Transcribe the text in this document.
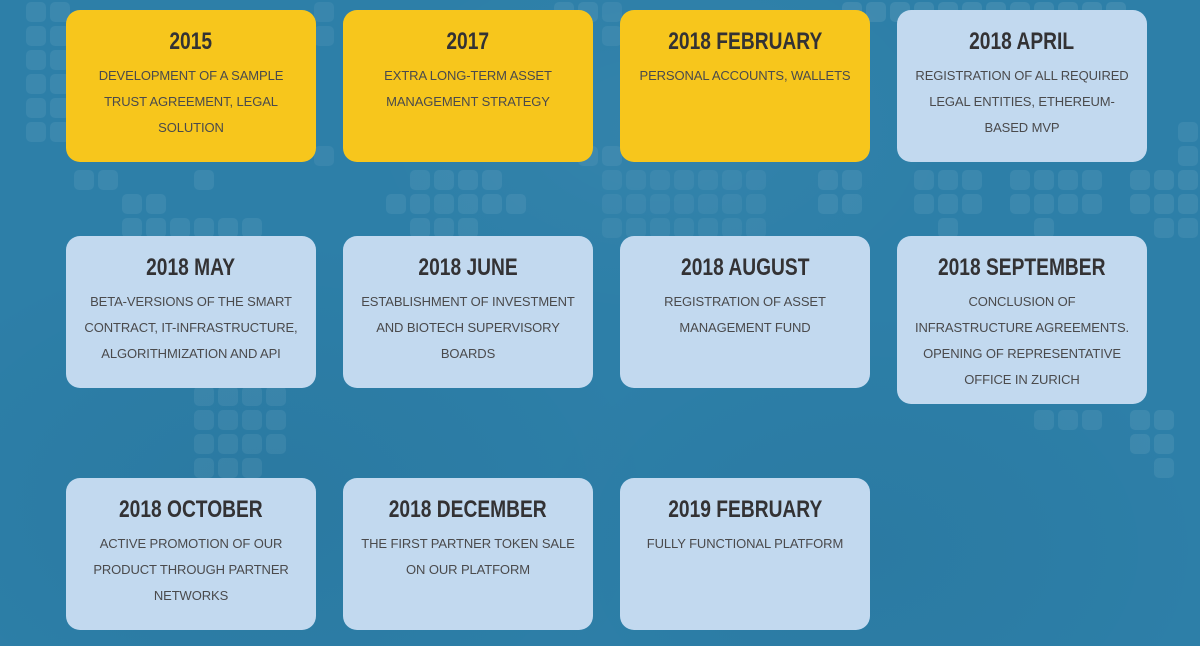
2015
DEVELOPMENT OF A SAMPLE TRUST AGREEMENT, LEGAL SOLUTION
2017
EXTRA LONG-TERM ASSET MANAGEMENT STRATEGY
2018 FEBRUARY
PERSONAL ACCOUNTS, WALLETS
2018 APRIL
REGISTRATION OF ALL REQUIRED LEGAL ENTITIES, ETHEREUM-BASED MVP
2018 MAY
BETA-VERSIONS OF THE SMART CONTRACT, IT-INFRASTRUCTURE, ALGORITHMIZATION AND API
2018 JUNE
ESTABLISHMENT OF INVESTMENT AND BIOTECH SUPERVISORY BOARDS
2018 AUGUST
REGISTRATION OF ASSET MANAGEMENT FUND
2018 SEPTEMBER
CONCLUSION OF INFRASTRUCTURE AGREEMENTS. OPENING OF REPRESENTATIVE OFFICE IN ZURICH
2018 OCTOBER
ACTIVE PROMOTION OF OUR PRODUCT THROUGH PARTNER NETWORKS
2018 DECEMBER
THE FIRST PARTNER TOKEN SALE ON OUR PLATFORM
2019 FEBRUARY
FULLY FUNCTIONAL PLATFORM
